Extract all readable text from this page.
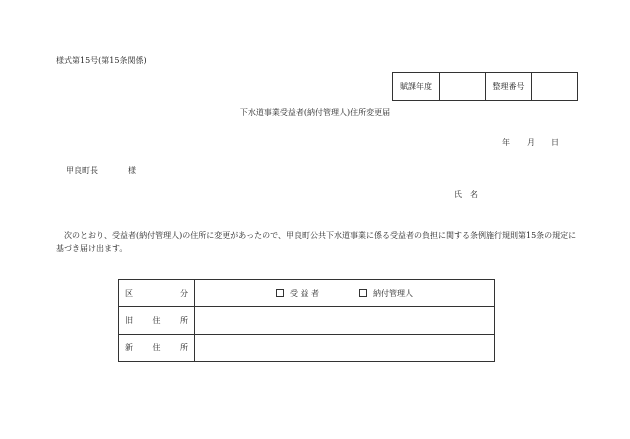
様式第15号(第15条関係)
賦課年度		整理番号	
下水道事業受益者(納付管理人)住所変更届
年 月 日
甲良町長	様
氏　名
次のとおり、受益者(納付管理人)の住所に変更があったので、甲良町公共下水道事業に係る受益者の負担に関する条例施行規則第15条の規定に基づき届け出ます。
区 分	受 益 者 納付管理人

旧 住 所	

新 住 所	
